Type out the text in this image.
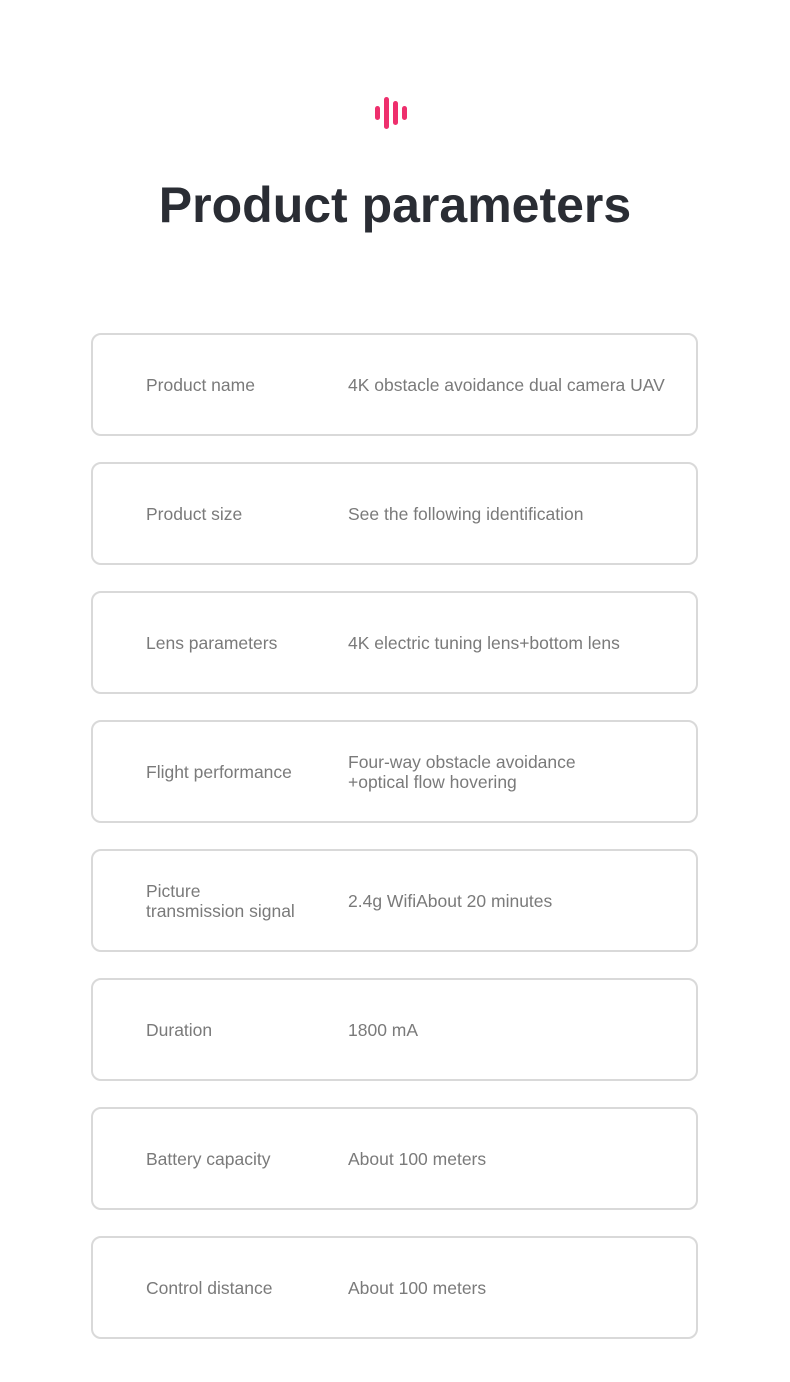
Product parameters
Product name	4K obstacle avoidance dual camera UAV
Product size	See the following identification
Lens parameters	4K electric tuning lens+bottom lens
Flight performance	Four-way obstacle avoidance
+optical flow hovering
Picture
transmission signal	2.4g WifiAbout 20 minutes
Duration	1800 mA
Battery capacity	About 100 meters
Control distance	About 100 meters
